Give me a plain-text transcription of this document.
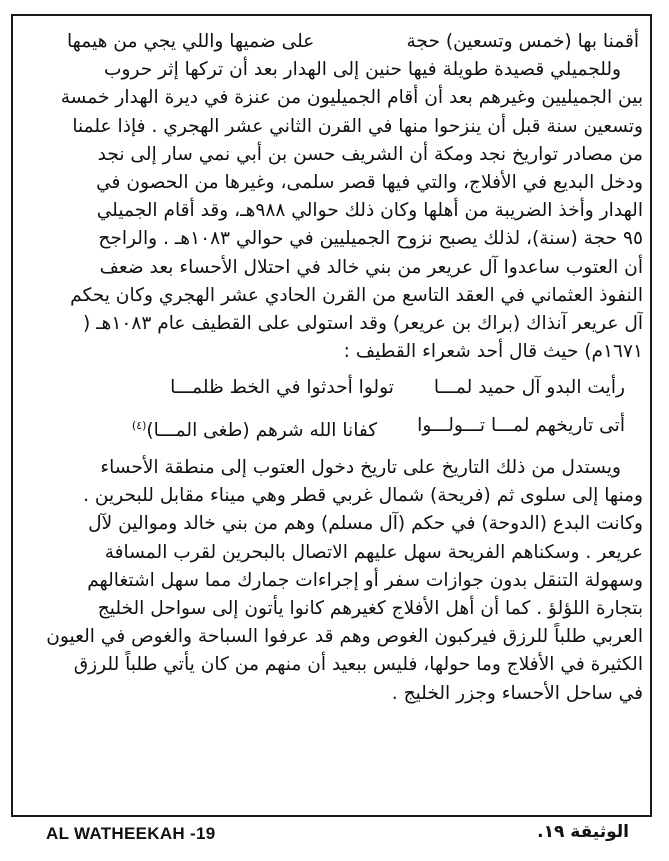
أقمنا بها (خمس وتسعين) حجة
على ضميها واللي يجي من هيمها
وللجميلي قصيدة طويلة فيها حنين إلى الهدار بعد أن تركها إثر حروب
بين الجميليين وغيرهم بعد أن أقام الجميليون من عنزة في ديرة الهدار خمسة
وتسعين سنة قبل أن ينزحوا منها في القرن الثاني عشر الهجري . فإذا علمنا
من مصادر تواريخ نجد ومكة أن الشريف حسن بن أبي نمي سار إلى نجد
ودخل البديع في الأفلاج، والتي فيها قصر سلمى، وغيرها من الحصون في
الهدار وأخذ الضريبة من أهلها وكان ذلك حوالي ٩٨٨هـ، وقد أقام الجميلي
٩٥ حجة (سنة)، لذلك يصبح نزوح الجميليين في حوالي ١٠٨٣هـ . والراجح
أن العتوب ساعدوا آل عريعر من بني خالد في احتلال الأحساء بعد ضعف
النفوذ العثماني في العقد التاسع من القرن الحادي عشر الهجري وكان يحكم
آل عريعر آنذاك (براك بن عريعر) وقد استولى على القطيف عام ١٠٨٣هـ (
١٦٧١م) حيث قال أحد شعراء القطيف :
رأيت البدو آل حميد لمـــا
تولوا أحدثوا في الخط ظلمـــا
أتى تاريخهم لمـــا تـــولـــوا
كفانا الله شرهم (طغى المـــا)$^{(٤)}$
ويستدل من ذلك التاريخ على تاريخ دخول العتوب إلى منطقة الأحساء
ومنها إلى سلوى ثم (فريحة) شمال غربي قطر وهي ميناء مقابل للبحرين .
وكانت البدع (الدوحة) في حكم (آل مسلم) وهم من بني خالد وموالين لآل
عريعر . وسكناهم الفريحة سهل عليهم الاتصال بالبحرين لقرب المسافة
وسهولة التنقل بدون جوازات سفر أو إجراءات جمارك مما سهل اشتغالهم
بتجارة اللؤلؤ . كما أن أهل الأفلاج كغيرهم كانوا يأتون إلى سواحل الخليج
العربي طلباً للرزق فيركبون الغوص وهم قد عرفوا السباحة والغوص في العيون
الكثيرة في الأفلاج وما حولها، فليس ببعيد أن منهم من كان يأتي طلباً للرزق
في ساحل الأحساء وجزر الخليج .
AL WATHEEKAH -19	الوثيقة ١٩.
